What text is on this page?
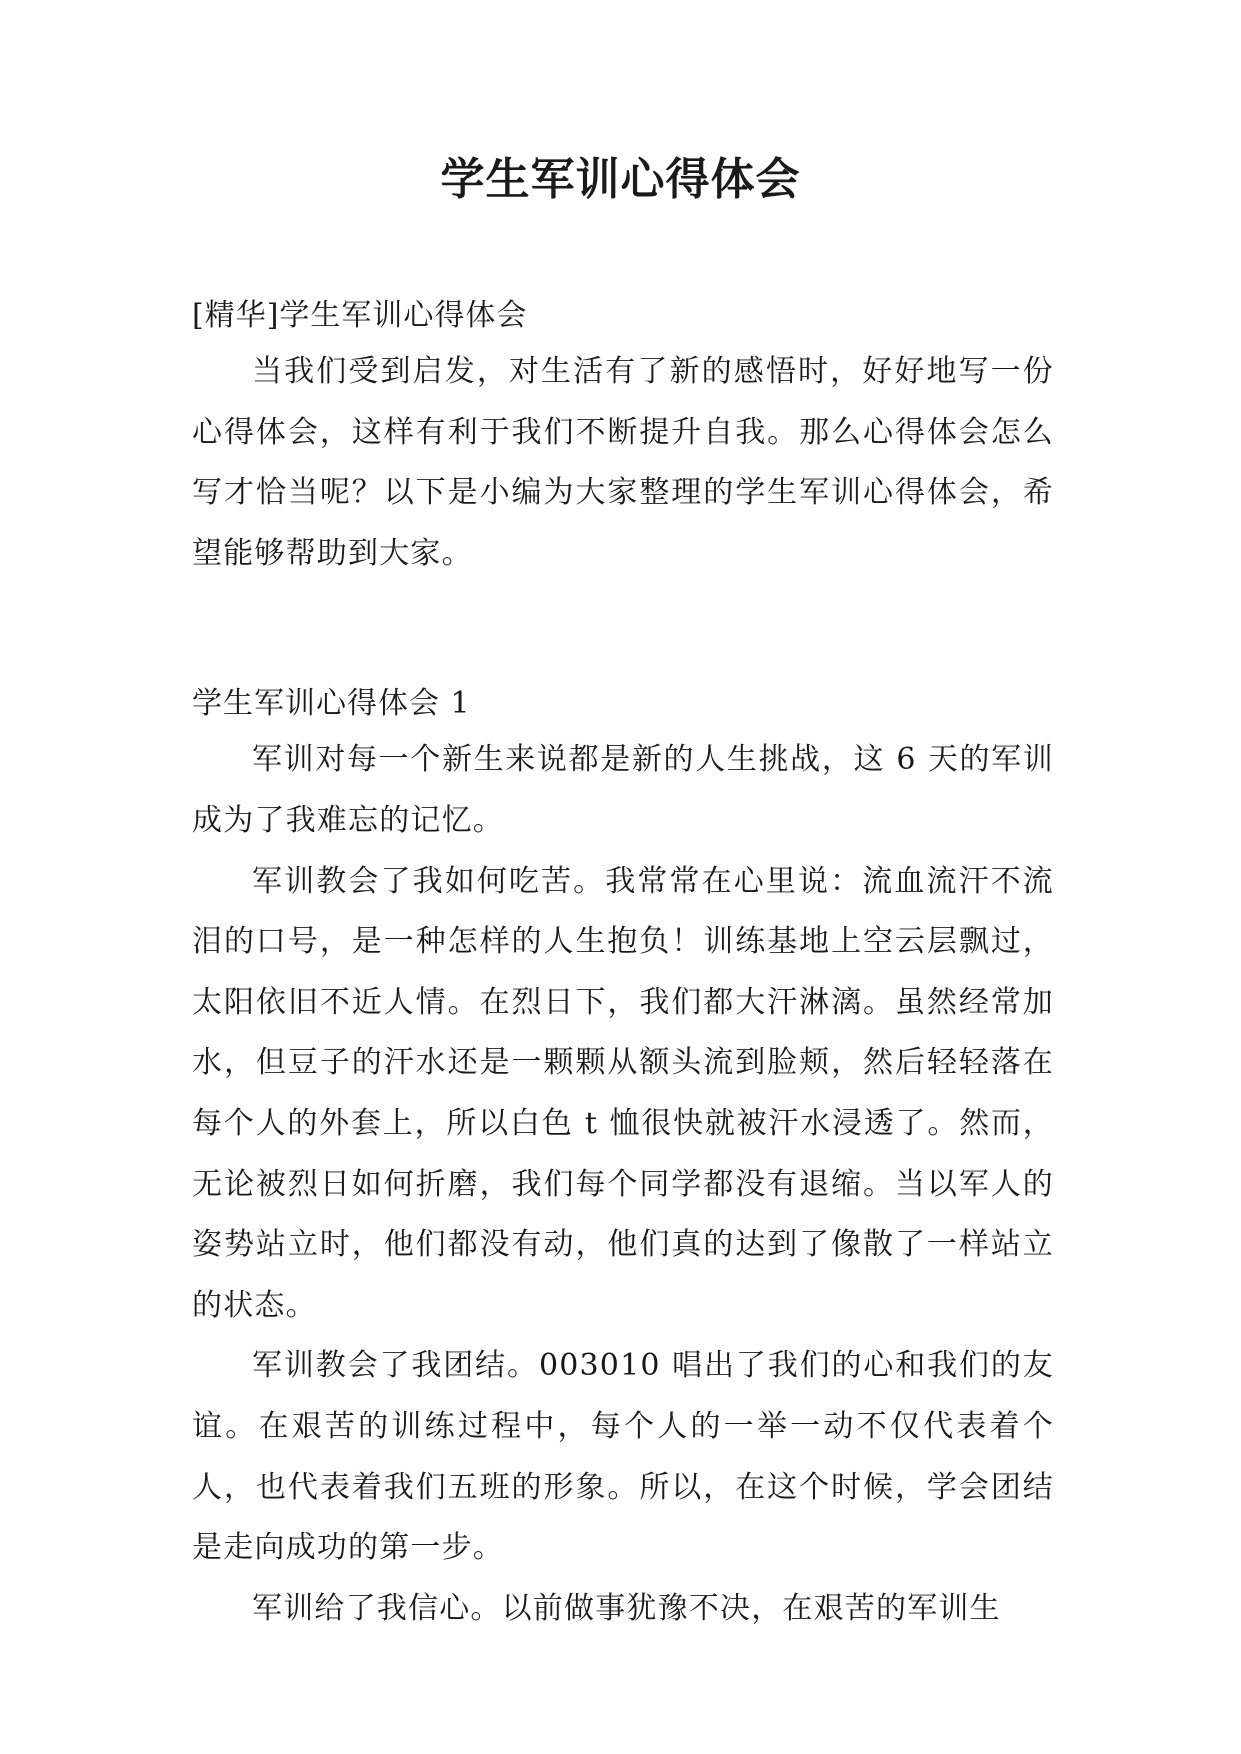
学生军训心得体会

[精华]学生军训心得体会

当我们受到启发，对生活有了新的感悟时，好好地写一份心得体会，这样有利于我们不断提升自我。那么心得体会怎么写才恰当呢？以下是小编为大家整理的学生军训心得体会，希望能够帮助到大家。

学生军训心得体会 1

军训对每一个新生来说都是新的人生挑战，这 6 天的军训成为了我难忘的记忆。

军训教会了我如何吃苦。我常常在心里说：流血流汗不流泪的口号，是一种怎样的人生抱负！训练基地上空云层飘过，太阳依旧不近人情。在烈日下，我们都大汗淋漓。虽然经常加水，但豆子的汗水还是一颗颗从额头流到脸颊，然后轻轻落在每个人的外套上，所以白色 t 恤很快就被汗水浸透了。然而，无论被烈日如何折磨，我们每个同学都没有退缩。当以军人的姿势站立时，他们都没有动，他们真的达到了像散了一样站立的状态。

军训教会了我团结。003010 唱出了我们的心和我们的友谊。在艰苦的训练过程中，每个人的一举一动不仅代表着个人，也代表着我们五班的形象。所以，在这个时候，学会团结是走向成功的第一步。

军训给了我信心。以前做事犹豫不决，在艰苦的军训生
